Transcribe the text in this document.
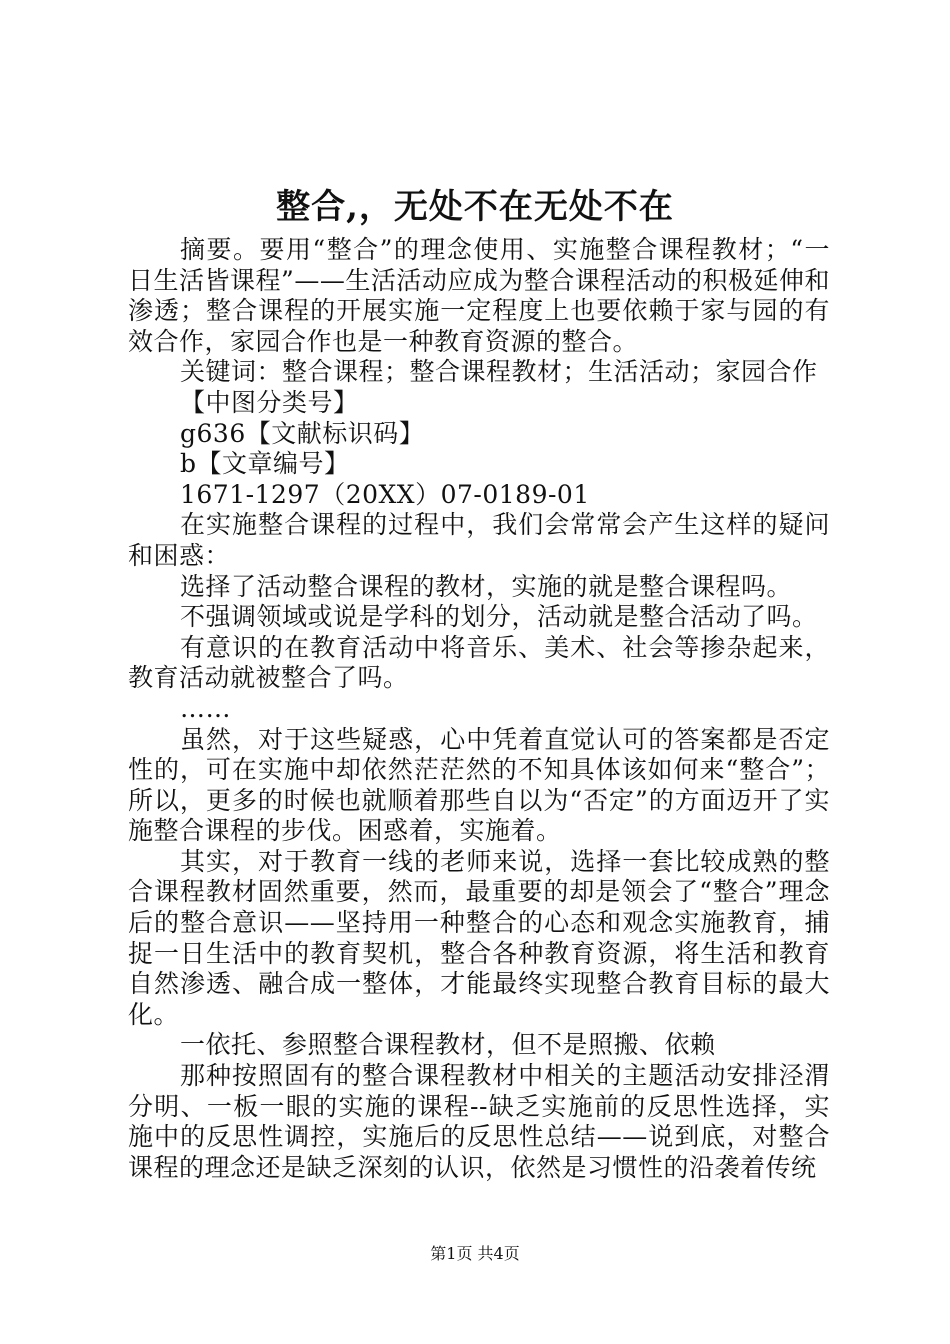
整合,，无处不在无处不在

摘要。要用“整合”的理念使用、实施整合课程教材；“一日生活皆课程”——生活活动应成为整合课程活动的积极延伸和渗透；整合课程的开展实施一定程度上也要依赖于家与园的有效合作，家园合作也是一种教育资源的整合。

关键词：整合课程；整合课程教材；生活活动；家园合作

【中图分类号】

g636【文献标识码】

b【文章编号】

1671-1297（20XX）07-0189-01

在实施整合课程的过程中，我们会常常会产生这样的疑问和困惑：

选择了活动整合课程的教材，实施的就是整合课程吗。

不强调领域或说是学科的划分，活动就是整合活动了吗。

有意识的在教育活动中将音乐、美术、社会等掺杂起来，教育活动就被整合了吗。

……

虽然，对于这些疑惑，心中凭着直觉认可的答案都是否定性的，可在实施中却依然茫茫然的不知具体该如何来“整合”；所以，更多的时候也就顺着那些自以为“否定”的方面迈开了实施整合课程的步伐。困惑着，实施着。

其实，对于教育一线的老师来说，选择一套比较成熟的整合课程教材固然重要，然而，最重要的却是领会了“整合”理念后的整合意识——坚持用一种整合的心态和观念实施教育，捕捉一日生活中的教育契机，整合各种教育资源，将生活和教育自然渗透、融合成一整体，才能最终实现整合教育目标的最大化。

一依托、参照整合课程教材，但不是照搬、依赖

那种按照固有的整合课程教材中相关的主题活动安排泾渭分明、一板一眼的实施的课程--缺乏实施前的反思性选择，实施中的反思性调控，实施后的反思性总结——说到底，对整合课程的理念还是缺乏深刻的认识，依然是习惯性的沿袭着传统

第1页 共4页
